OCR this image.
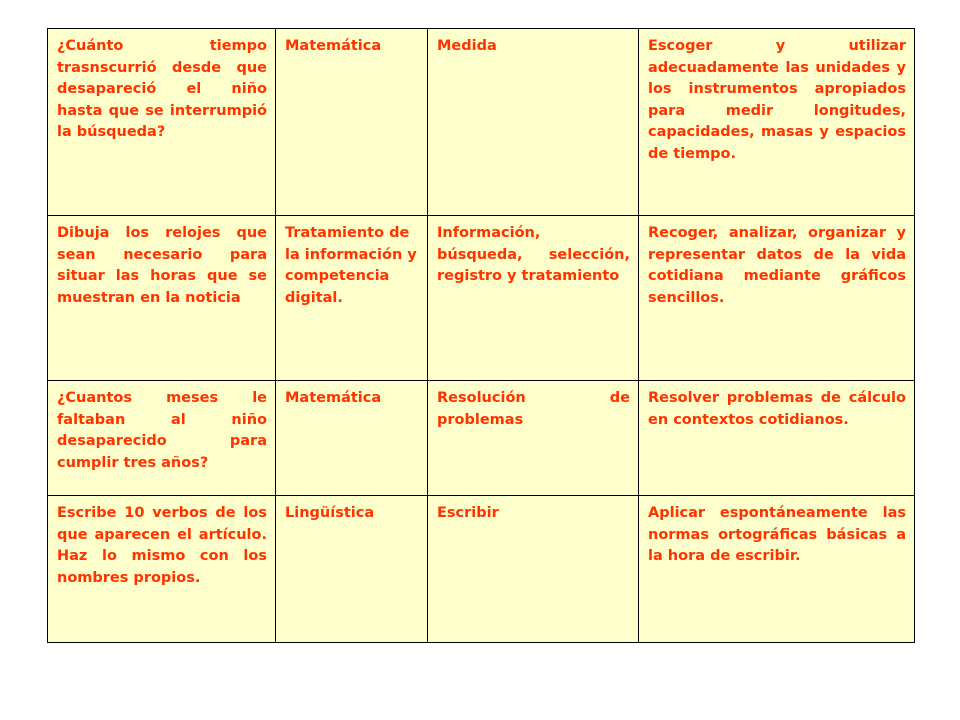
¿Cuánto tiempo trasnscurrió desde que desapareció el niño hasta que se interrumpió la búsqueda?	Matemática	Medida	Escoger y utilizar adecuadamente las unidades y los instrumentos apropiados para medir longitudes, capacidades, masas y espacios de tiempo.
Dibuja los relojes que sean necesario para situar las horas que se muestran en la noticia	Tratamiento de la información y competencia digital.	Información, búsqueda, selección, registro y tratamiento	Recoger, analizar, organizar y representar datos de la vida cotidiana mediante gráficos sencillos.
¿Cuantos meses le faltaban al niño desaparecido para cumplir tres años?	Matemática	Resolución de problemas	Resolver problemas de cálculo en contextos cotidianos.
Escribe 10 verbos de los que aparecen el artículo. Haz lo mismo con los nombres propios.	Lingüística	Escribir	Aplicar espontáneamente las normas ortográficas básicas a la hora de escribir.
